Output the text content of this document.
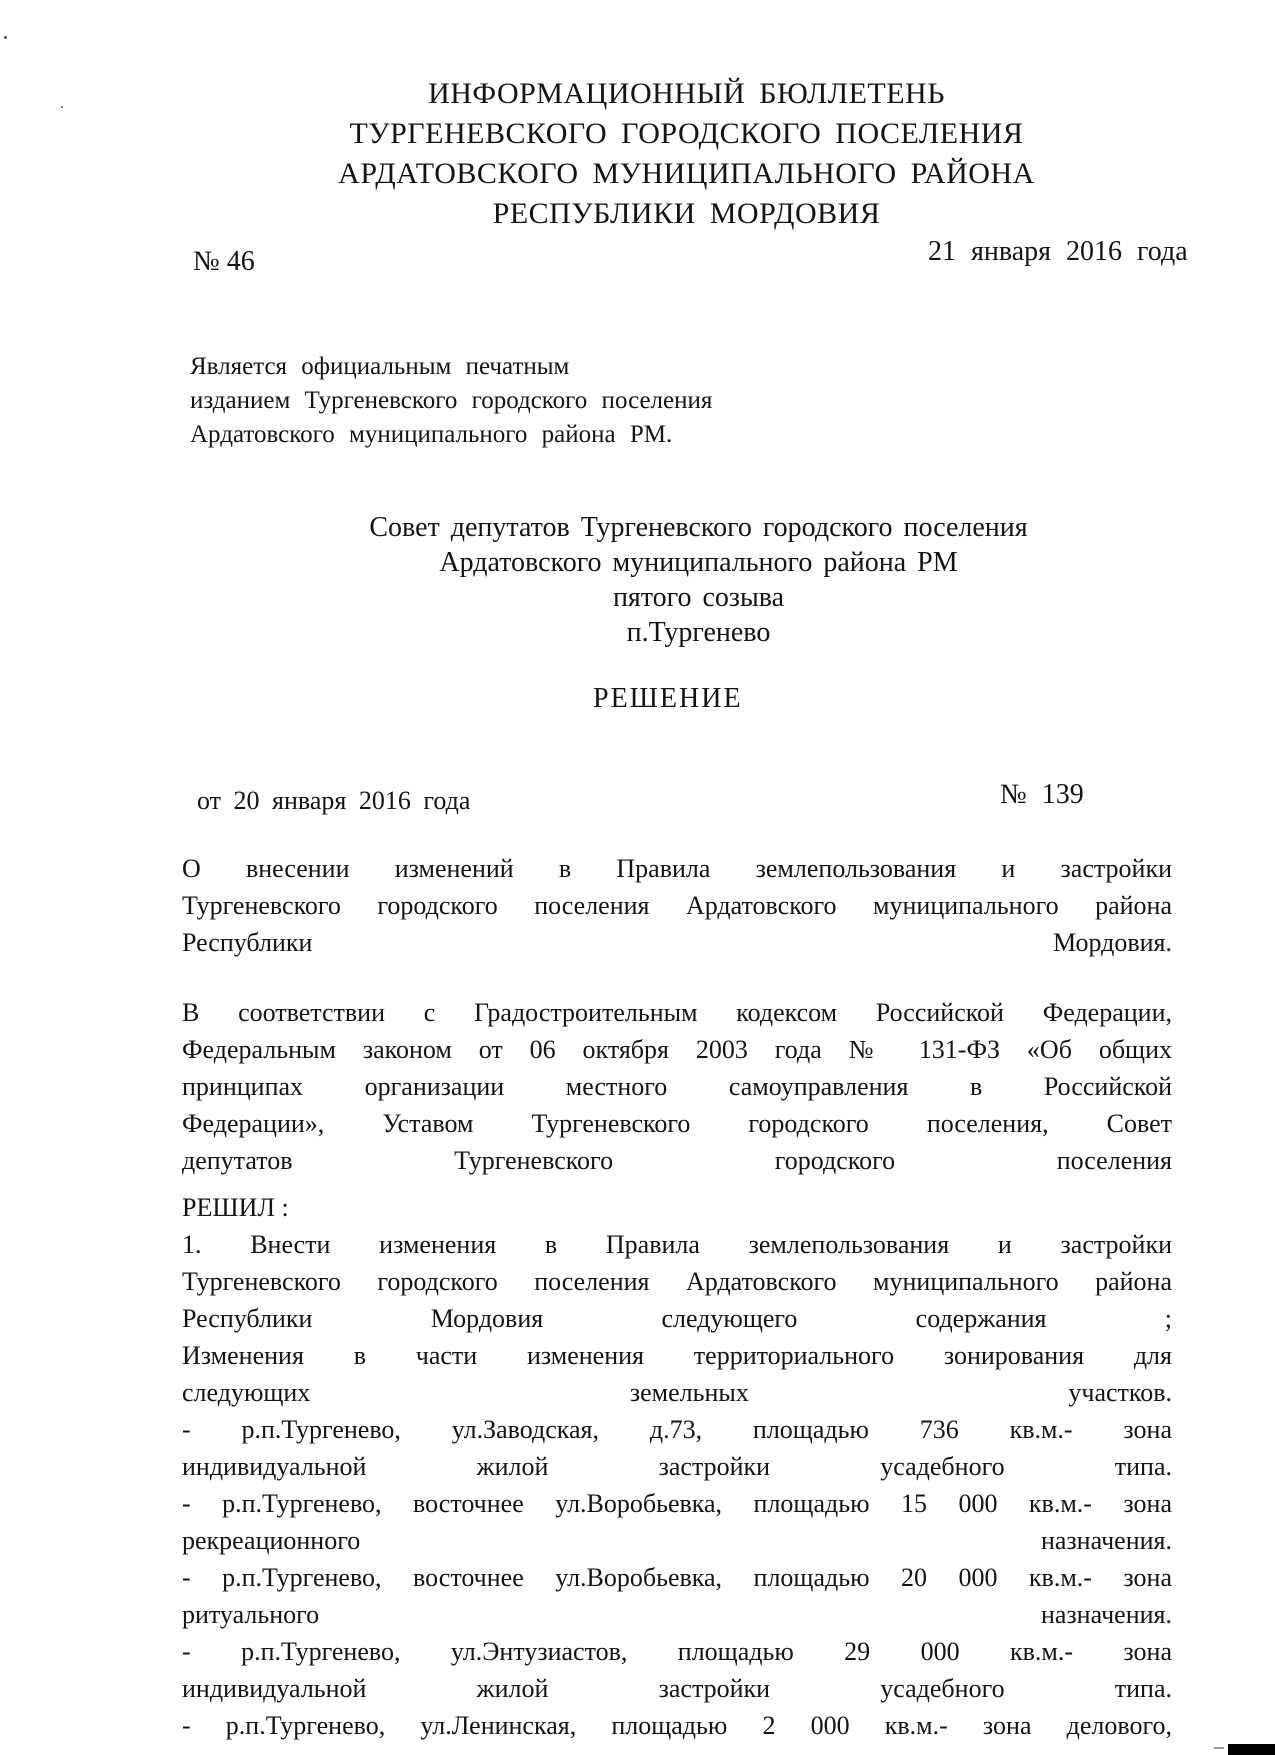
ИНФОРМАЦИОННЫЙ БЮЛЛЕТЕНЬ
ТУРГЕНЕВСКОГО ГОРОДСКОГО ПОСЕЛЕНИЯ
АРДАТОВСКОГО МУНИЦИПАЛЬНОГО РАЙОНА
РЕСПУБЛИКИ МОРДОВИЯ
№ 46	21 января 2016 года
Является официальным печатным
изданием Тургеневского городского поселения
Ардатовского муниципального района РМ.
Совет депутатов Тургеневского городского поселения
Ардатовского муниципального района РМ
пятого созыва
п.Тургенево
РЕШЕНИЕ
от 20 января 2016 года	№ 139
О внесении изменений в Правила землепользования и застройки
Тургеневского городского поселения Ардатовского муниципального района
Республики Мордовия.
В соответствии с Градостроительным кодексом Российской Федерации,
Федеральным законом от 06 октября 2003 года № 131-ФЗ «Об общих
принципах организации местного самоуправления в Российской
Федерации», Уставом Тургеневского городского поселения, Совет
депутатов Тургеневского городского поселения
РЕШИЛ :
1. Внести изменения в Правила землепользования и застройки
Тургеневского городского поселения Ардатовского муниципального района
Республики Мордовия следующего содержания ;
Изменения в части изменения территориального зонирования для
следующих земельных участков.
- р.п.Тургенево, ул.Заводская, д.73, площадью 736 кв.м.- зона
индивидуальной жилой застройки усадебного типа.
- р.п.Тургенево, восточнее ул.Воробьевка, площадью 15 000 кв.м.- зона
рекреационного назначения.
- р.п.Тургенево, восточнее ул.Воробьевка, площадью 20 000 кв.м.- зона
ритуального назначения.
- р.п.Тургенево, ул.Энтузиастов, площадью 29 000 кв.м.- зона
индивидуальной жилой застройки усадебного типа.
- р.п.Тургенево, ул.Ленинская, площадью 2 000 кв.м.- зона делового,
